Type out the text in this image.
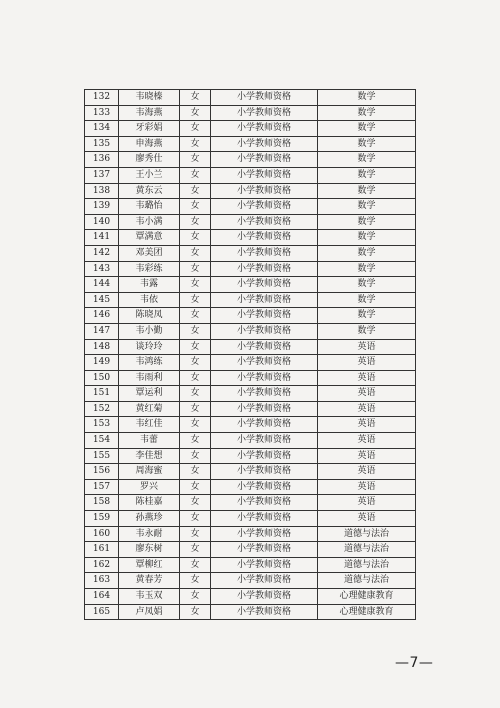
132	韦晓榛	女	小学教师资格	数学
133	韦海燕	女	小学教师资格	数学
134	牙彩娟	女	小学教师资格	数学
135	申海燕	女	小学教师资格	数学
136	廖秀仕	女	小学教师资格	数学
137	王小兰	女	小学教师资格	数学
138	黄东云	女	小学教师资格	数学
139	韦璐怡	女	小学教师资格	数学
140	韦小满	女	小学教师资格	数学
141	覃满意	女	小学教师资格	数学
142	邓美团	女	小学教师资格	数学
143	韦彩练	女	小学教师资格	数学
144	韦露	女	小学教师资格	数学
145	韦依	女	小学教师资格	数学
146	陈晓凤	女	小学教师资格	数学
147	韦小勤	女	小学教师资格	数学
148	谈玲玲	女	小学教师资格	英语
149	韦鸿练	女	小学教师资格	英语
150	韦雨利	女	小学教师资格	英语
151	覃运利	女	小学教师资格	英语
152	黄红菊	女	小学教师资格	英语
153	韦红佳	女	小学教师资格	英语
154	韦蕾	女	小学教师资格	英语
155	李佳想	女	小学教师资格	英语
156	周海蜜	女	小学教师资格	英语
157	罗兴	女	小学教师资格	英语
158	陈桂嘉	女	小学教师资格	英语
159	孙燕珍	女	小学教师资格	英语
160	韦永耐	女	小学教师资格	道德与法治
161	廖东树	女	小学教师资格	道德与法治
162	覃柳红	女	小学教师资格	道德与法治
163	黄春芳	女	小学教师资格	道德与法治
164	韦玉双	女	小学教师资格	心理健康教育
165	卢凤娟	女	小学教师资格	心理健康教育
—7—
